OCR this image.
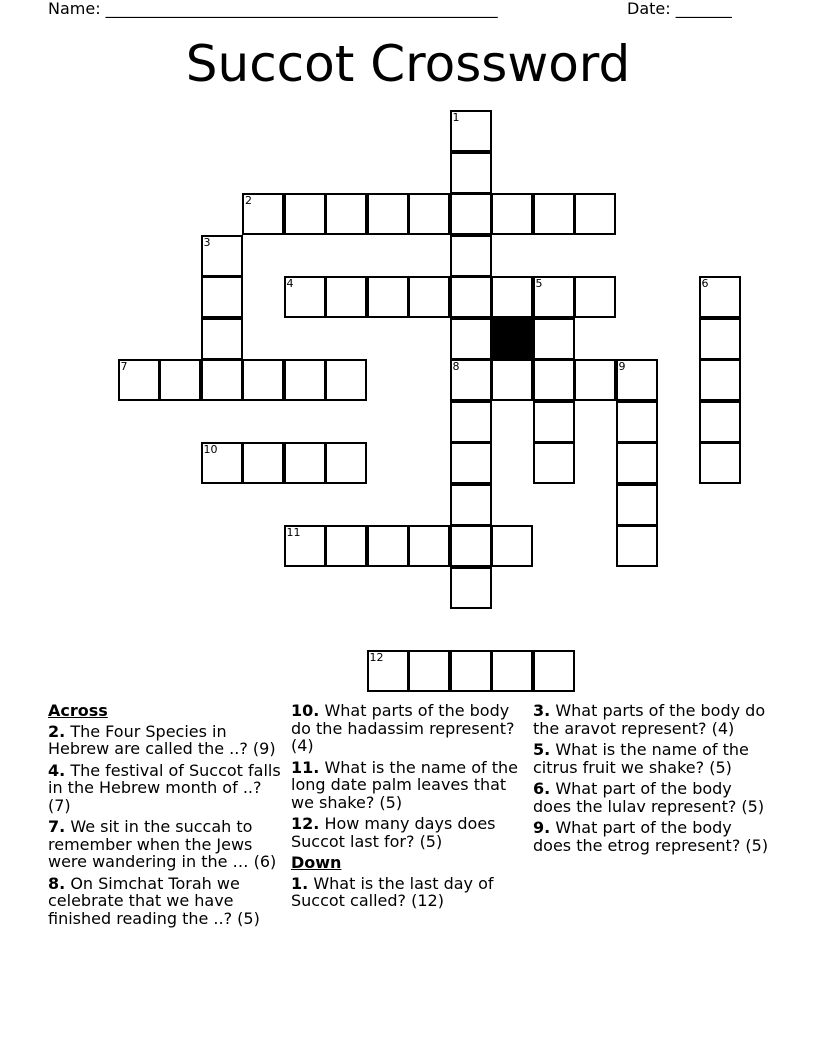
Name: _________________________________________________	Date: _______
Succot Crossword
1
2
3
4	5	6
7	8	9
10
11
12
Across
2. The Four Species in Hebrew are called the ..? (9)
4. The festival of Succot falls in the Hebrew month of ..? (7)
7. We sit in the succah to remember when the Jews were wandering in the … (6)
8. On Simchat Torah we celebrate that we have finished reading the ..? (5)
10. What parts of the body do the hadassim represent? (4)
11. What is the name of the long date palm leaves that we shake? (5)
12. How many days does Succot last for? (5)
Down
1. What is the last day of Succot called? (12)
3. What parts of the body do the aravot represent? (4)
5. What is the name of the citrus fruit we shake? (5)
6. What part of the body does the lulav represent? (5)
9. What part of the body does the etrog represent? (5)
